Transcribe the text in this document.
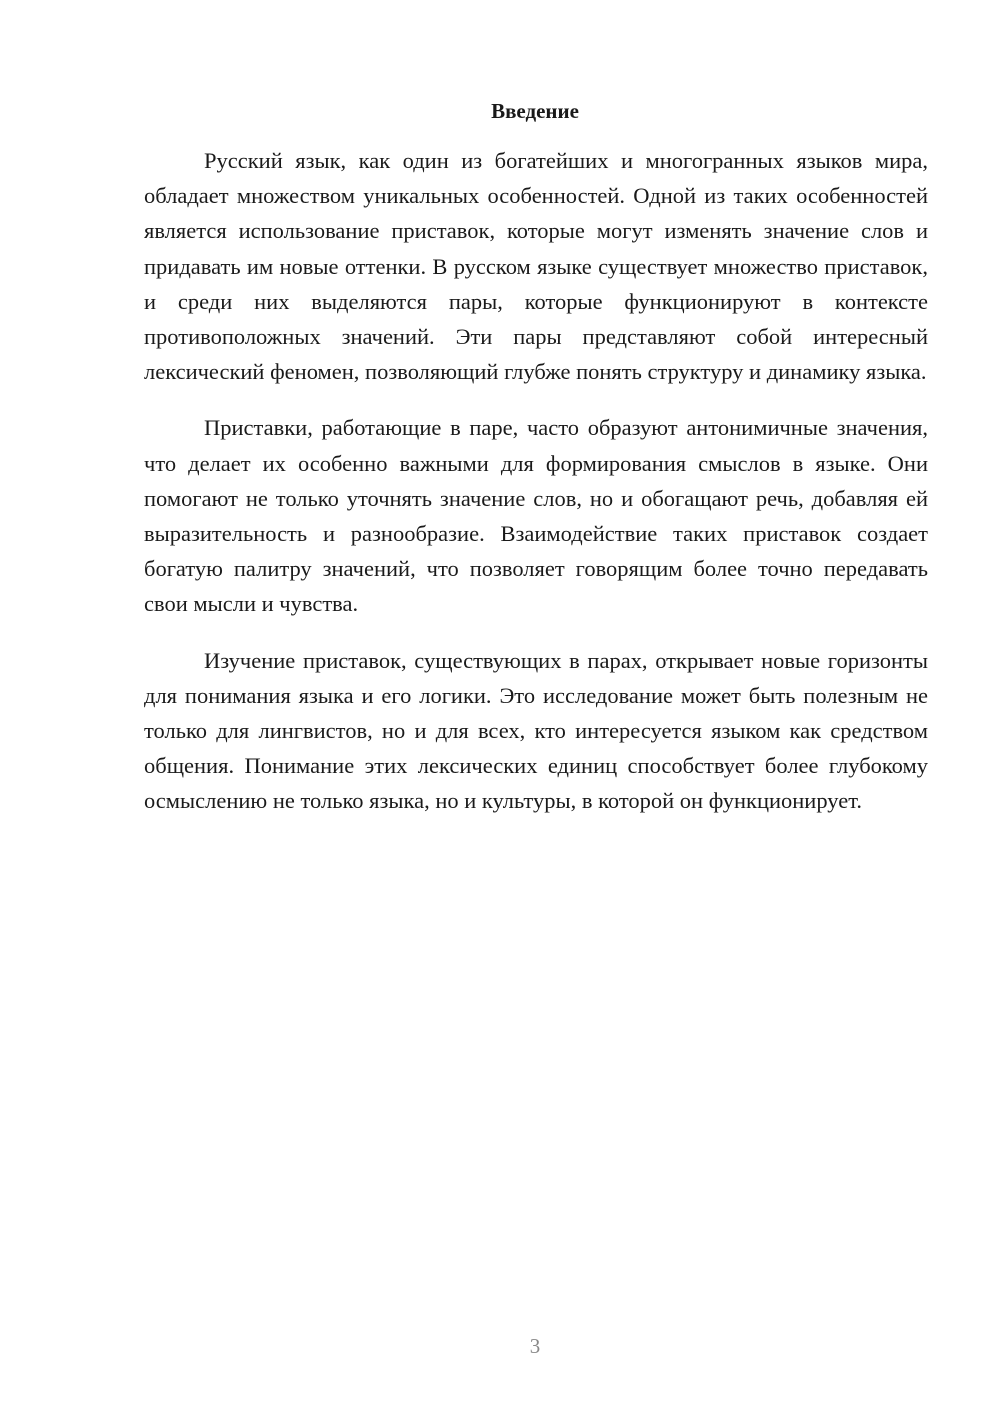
Введение

Русский язык, как один из богатейших и многогранных языков мира, обладает множеством уникальных особенностей. Одной из таких особенностей является использование приставок, которые могут изменять значение слов и придавать им новые оттенки. В русском языке существует множество приставок, и среди них выделяются пары, которые функционируют в контексте противоположных значений. Эти пары представляют собой интересный лексический феномен, позволяющий глубже понять структуру и динамику языка.

Приставки, работающие в паре, часто образуют антонимичные значения, что делает их особенно важными для формирования смыслов в языке. Они помогают не только уточнять значение слов, но и обогащают речь, добавляя ей выразительность и разнообразие. Взаимодействие таких приставок создает богатую палитру значений, что позволяет говорящим более точно передавать свои мысли и чувства.

Изучение приставок, существующих в парах, открывает новые горизонты для понимания языка и его логики. Это исследование может быть полезным не только для лингвистов, но и для всех, кто интересуется языком как средством общения. Понимание этих лексических единиц способствует более глубокому осмыслению не только языка, но и культуры, в которой он функционирует.

3
